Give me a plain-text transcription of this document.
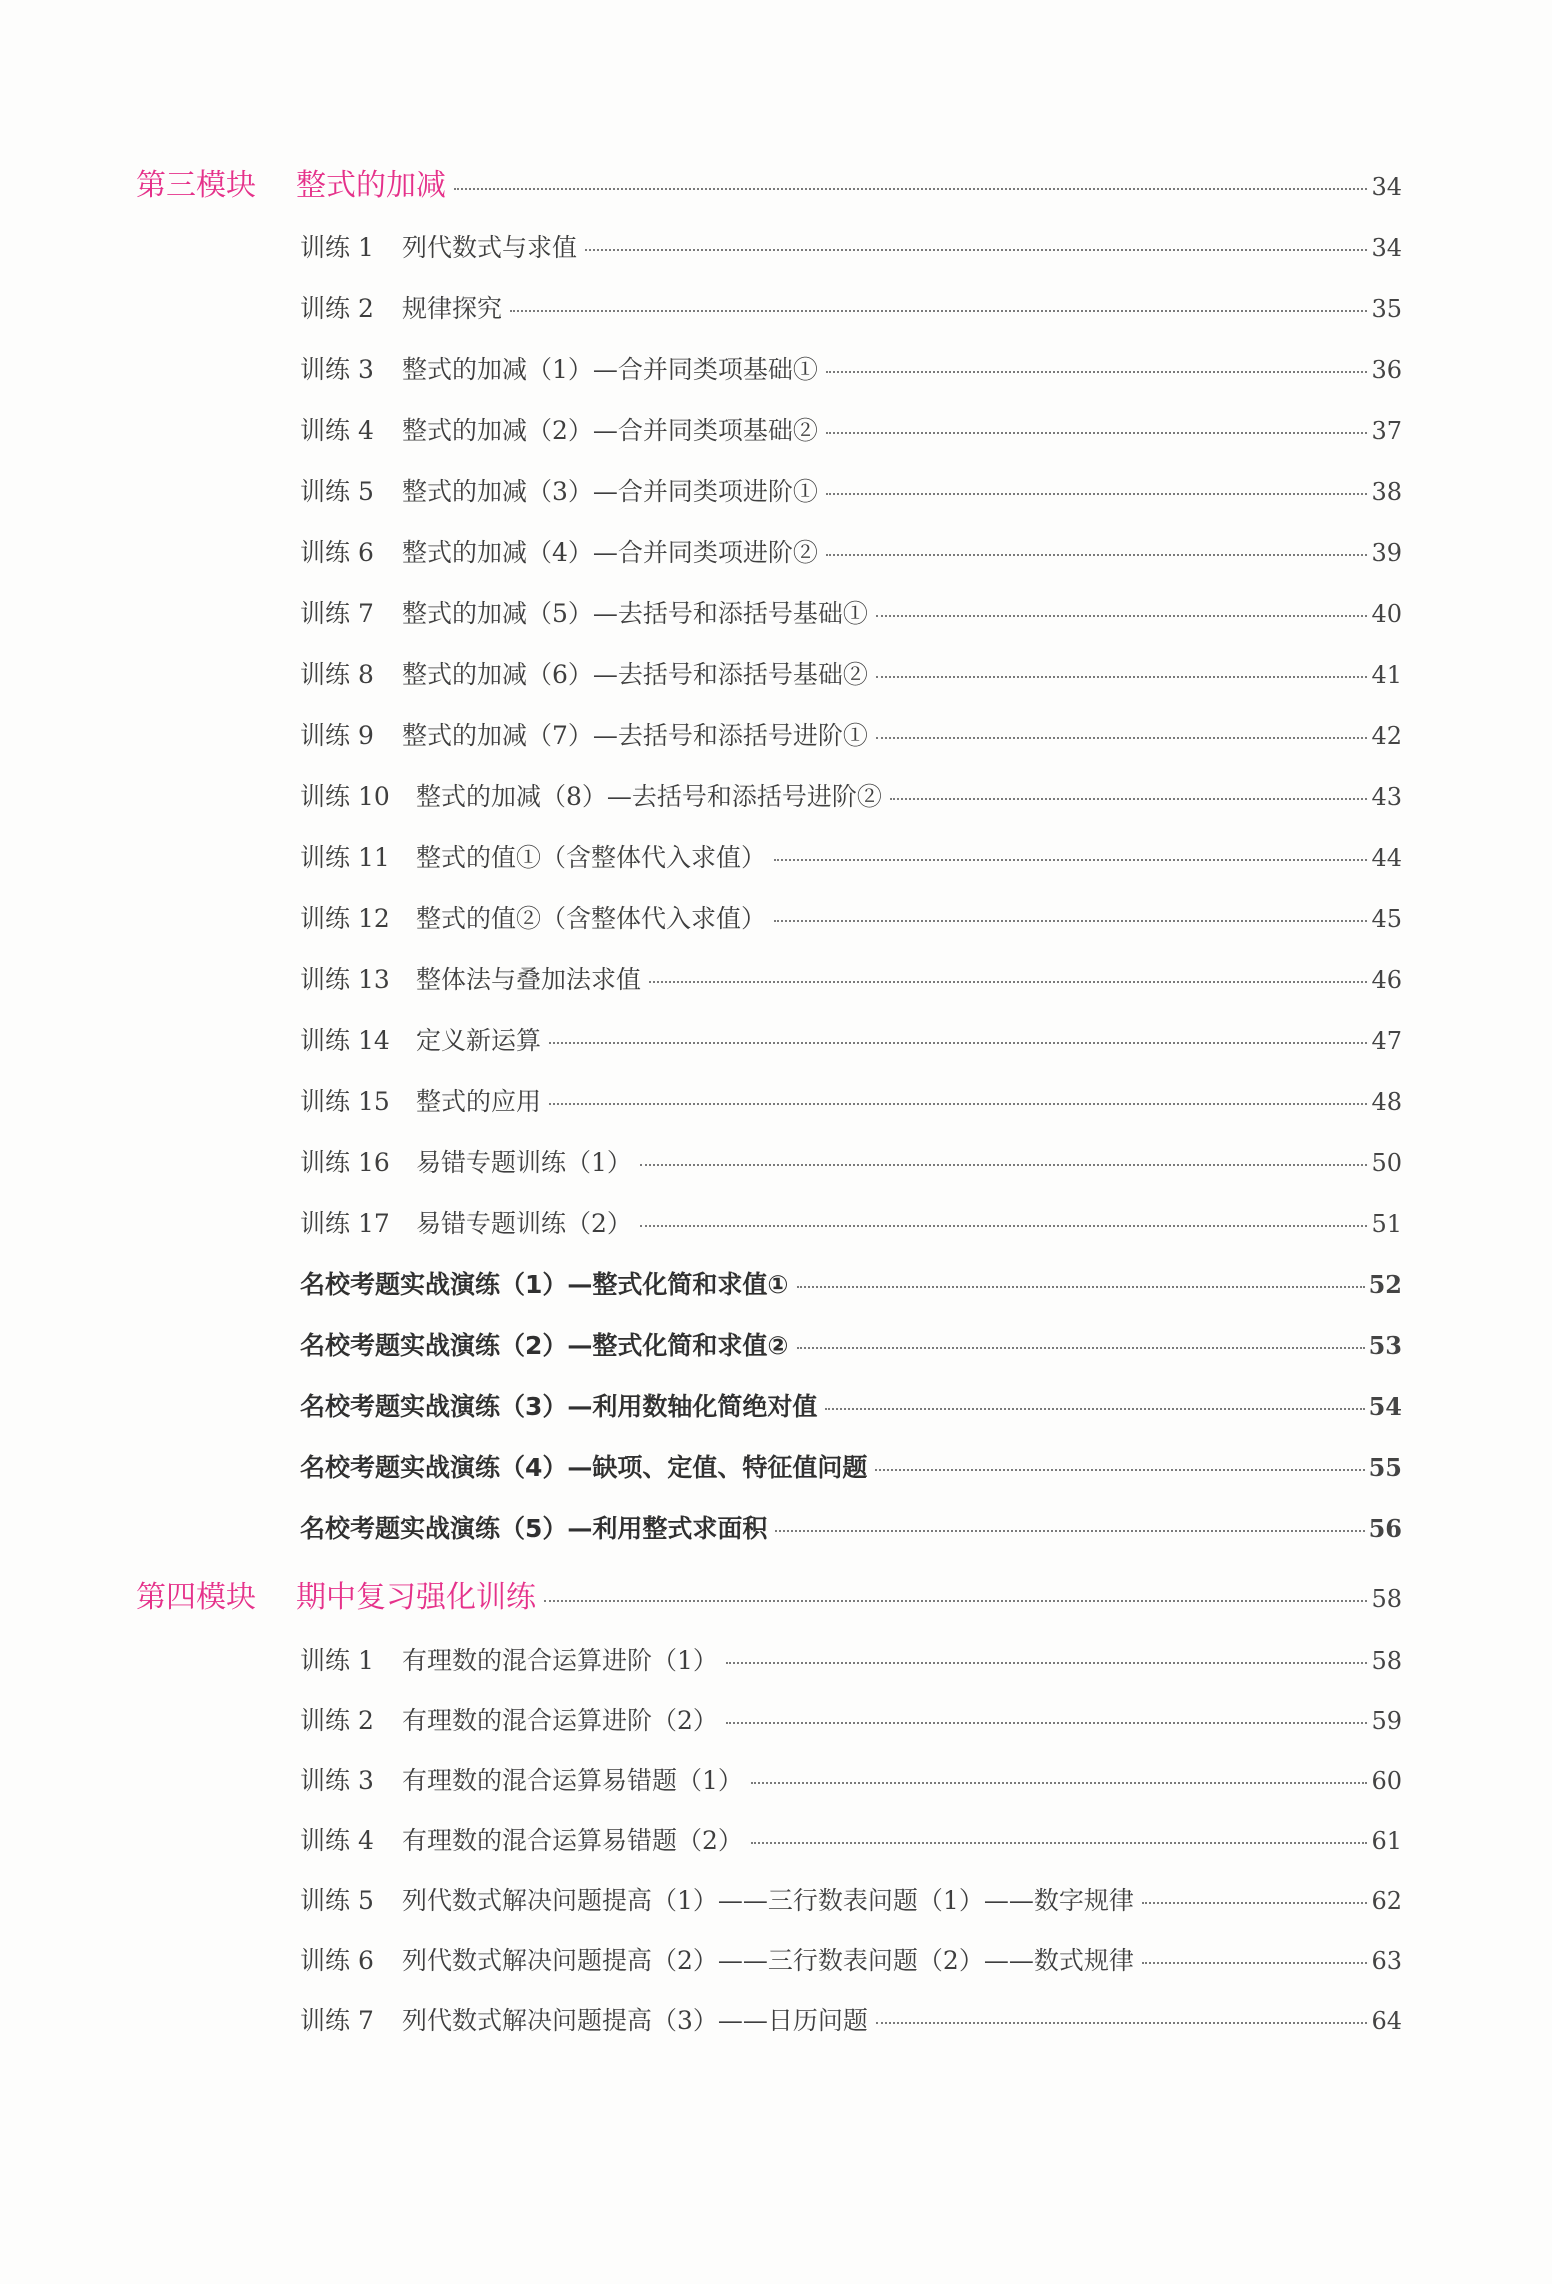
第三模块	整式的加减	34
训练 1	列代数式与求值	34
训练 2	规律探究	35
训练 3	整式的加减（1）—合并同类项基础①	36
训练 4	整式的加减（2）—合并同类项基础②	37
训练 5	整式的加减（3）—合并同类项进阶①	38
训练 6	整式的加减（4）—合并同类项进阶②	39
训练 7	整式的加减（5）—去括号和添括号基础①	40
训练 8	整式的加减（6）—去括号和添括号基础②	41
训练 9	整式的加减（7）—去括号和添括号进阶①	42
训练 10	整式的加减（8）—去括号和添括号进阶②	43
训练 11	整式的值①（含整体代入求值）	44
训练 12	整式的值②（含整体代入求值）	45
训练 13	整体法与叠加法求值	46
训练 14	定义新运算	47
训练 15	整式的应用	48
训练 16	易错专题训练（1）	50
训练 17	易错专题训练（2）	51
名校考题实战演练（1）—整式化简和求值①	52
名校考题实战演练（2）—整式化简和求值②	53
名校考题实战演练（3）—利用数轴化简绝对值	54
名校考题实战演练（4）—缺项、定值、特征值问题	55
名校考题实战演练（5）—利用整式求面积	56
第四模块	期中复习强化训练	58
训练 1	有理数的混合运算进阶（1）	58
训练 2	有理数的混合运算进阶（2）	59
训练 3	有理数的混合运算易错题（1）	60
训练 4	有理数的混合运算易错题（2）	61
训练 5	列代数式解决问题提高（1）——三行数表问题（1）——数字规律	62
训练 6	列代数式解决问题提高（2）——三行数表问题（2）——数式规律	63
训练 7	列代数式解决问题提高（3）——日历问题	64
